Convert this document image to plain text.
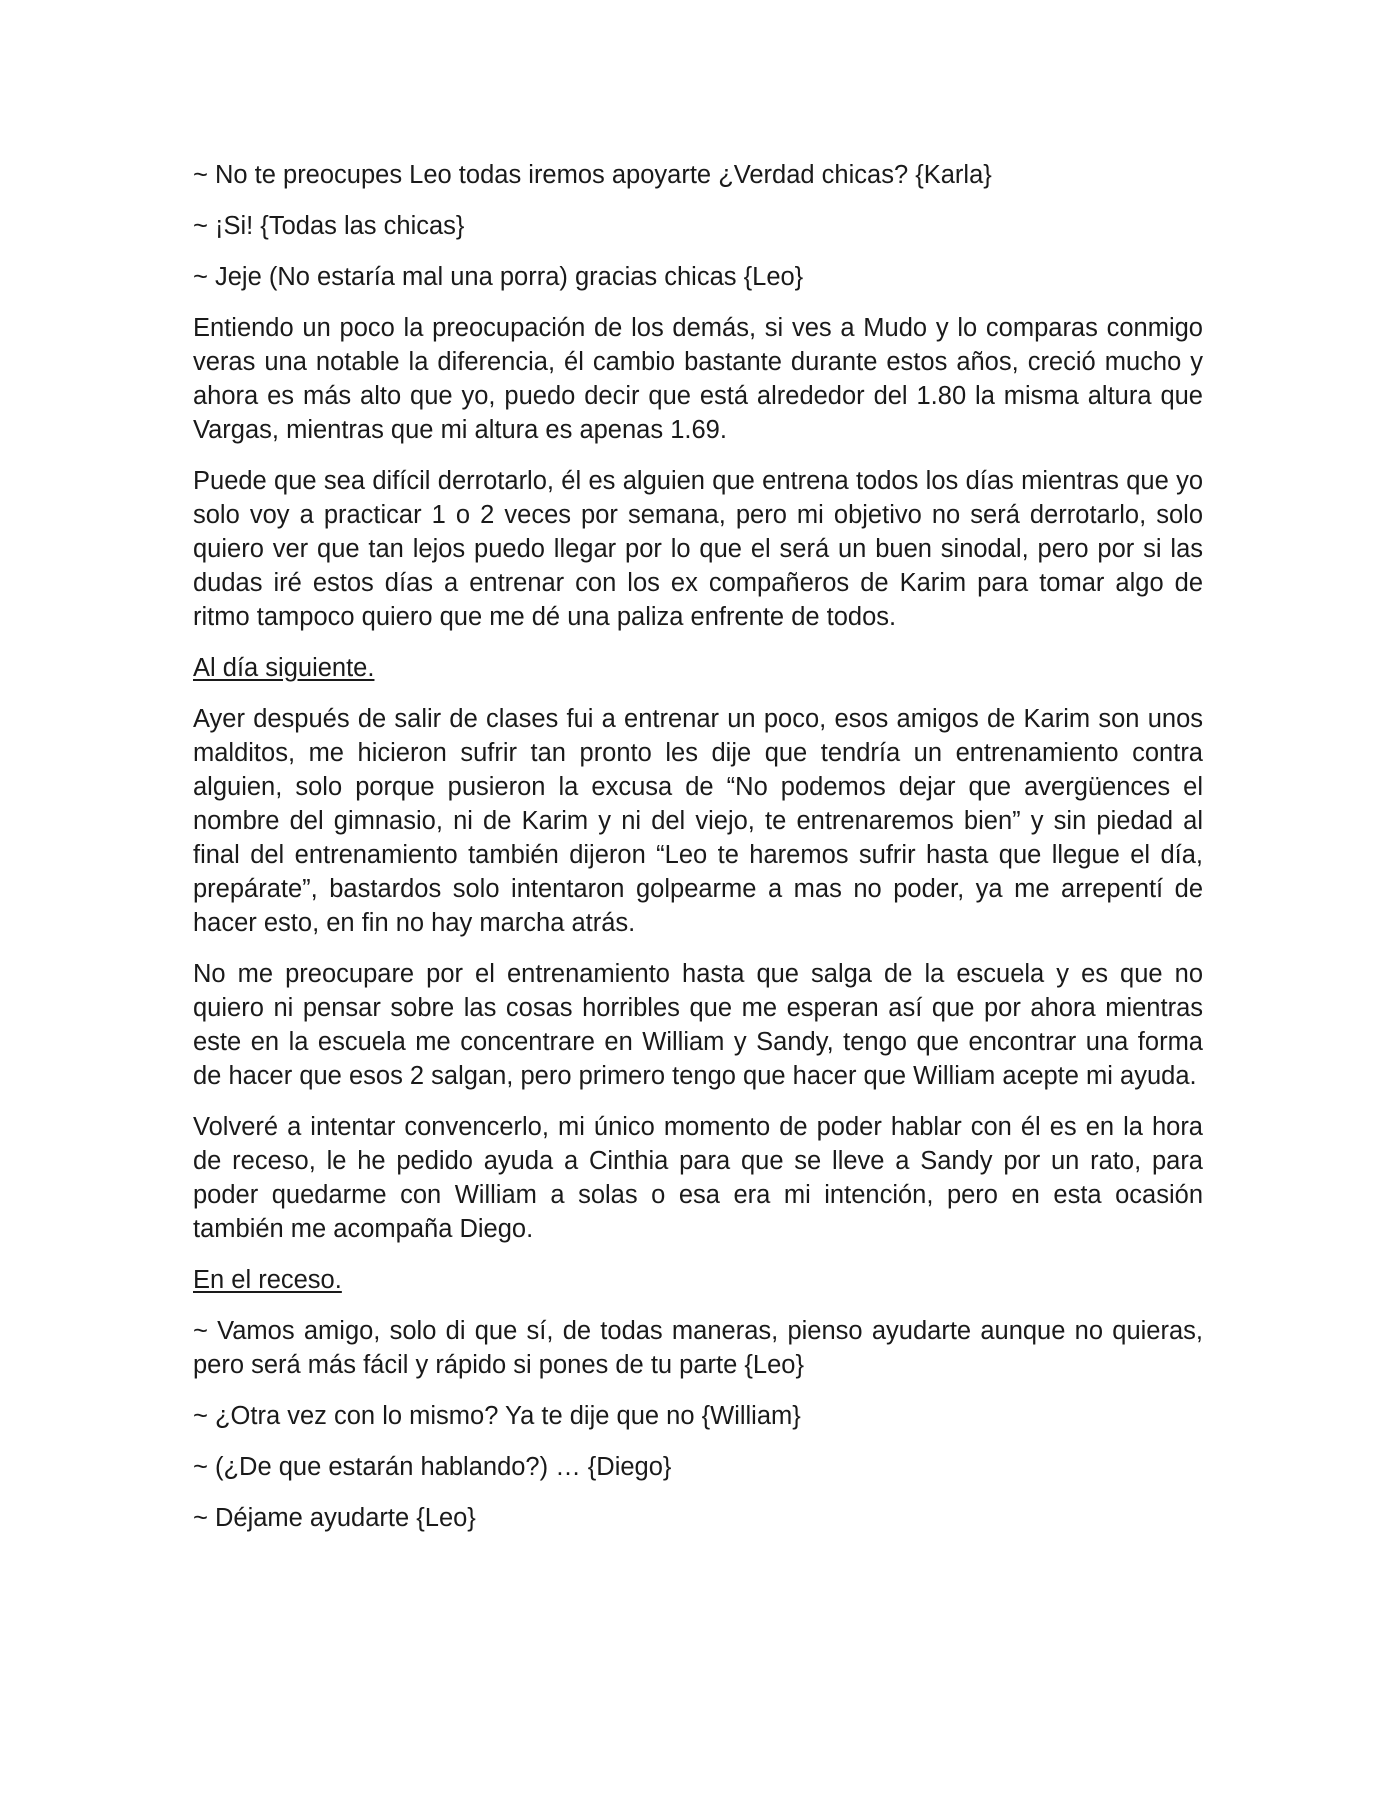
~ No te preocupes Leo todas iremos apoyarte ¿Verdad chicas? {Karla}

~ ¡Si! {Todas las chicas}

~ Jeje (No estaría mal una porra) gracias chicas {Leo}

Entiendo un poco la preocupación de los demás, si ves a Mudo y lo comparas conmigo veras una notable la diferencia, él cambio bastante durante estos años, creció mucho y ahora es más alto que yo, puedo decir que está alrededor del 1.80 la misma altura que Vargas, mientras que mi altura es apenas 1.69.

Puede que sea difícil derrotarlo, él es alguien que entrena todos los días mientras que yo solo voy a practicar 1 o 2 veces por semana, pero mi objetivo no será derrotarlo, solo quiero ver que tan lejos puedo llegar por lo que el será un buen sinodal, pero por si las dudas iré estos días a entrenar con los ex compañeros de Karim para tomar algo de ritmo tampoco quiero que me dé una paliza enfrente de todos.

Al día siguiente.

Ayer después de salir de clases fui a entrenar un poco, esos amigos de Karim son unos malditos, me hicieron sufrir tan pronto les dije que tendría un entrenamiento contra alguien, solo porque pusieron la excusa de “No podemos dejar que avergüences el nombre del gimnasio, ni de Karim y ni del viejo, te entrenaremos bien” y sin piedad al final del entrenamiento también dijeron “Leo te haremos sufrir hasta que llegue el día, prepárate”, bastardos solo intentaron golpearme a mas no poder, ya me arrepentí de hacer esto, en fin no hay marcha atrás.

No me preocupare por el entrenamiento hasta que salga de la escuela y es que no quiero ni pensar sobre las cosas horribles que me esperan así que por ahora mientras este en la escuela me concentrare en William y Sandy, tengo que encontrar una forma de hacer que esos 2 salgan, pero primero tengo que hacer que William acepte mi ayuda.

Volveré a intentar convencerlo, mi único momento de poder hablar con él es en la hora de receso, le he pedido ayuda a Cinthia para que se lleve a Sandy por un rato, para poder quedarme con William a solas o esa era mi intención, pero en esta ocasión también me acompaña Diego.

En el receso.

~ Vamos amigo, solo di que sí, de todas maneras, pienso ayudarte aunque no quieras, pero será más fácil y rápido si pones de tu parte {Leo}

~ ¿Otra vez con lo mismo? Ya te dije que no {William}

~ (¿De que estarán hablando?) … {Diego}

~ Déjame ayudarte {Leo}
